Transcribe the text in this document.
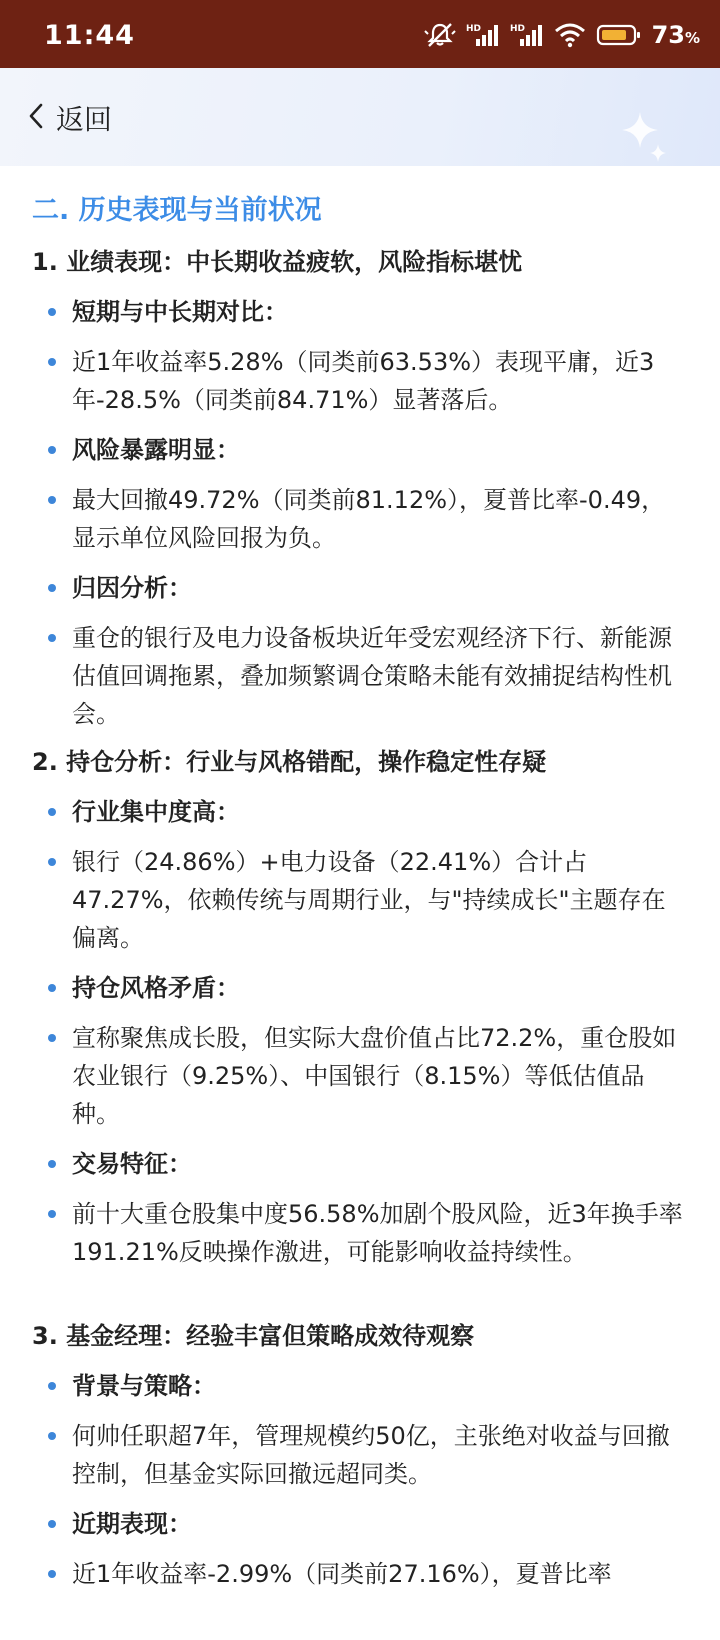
11:44	HD	HD	73%
返回
二. 历史表现与当前状况
1. 业绩表现：中长期收益疲软，风险指标堪忧
短期与中长期对比：
近1年收益率5.28%（同类前63.53%）表现平庸，近3年-28.5%（同类前84.71%）显著落后。
风险暴露明显：
最大回撤49.72%（同类前81.12%），夏普比率-0.49，显示单位风险回报为负。
归因分析：
重仓的银行及电力设备板块近年受宏观经济下行、新能源估值回调拖累，叠加频繁调仓策略未能有效捕捉结构性机会。
2. 持仓分析：行业与风格错配，操作稳定性存疑
行业集中度高：
银行（24.86%）+电力设备（22.41%）合计占47.27%，依赖传统与周期行业，与"持续成长"主题存在偏离。
持仓风格矛盾：
宣称聚焦成长股，但实际大盘价值占比72.2%，重仓股如农业银行（9.25%）、中国银行（8.15%）等低估值品种。
交易特征：
前十大重仓股集中度56.58%加剧个股风险，近3年换手率191.21%反映操作激进，可能影响收益持续性。
3. 基金经理：经验丰富但策略成效待观察
背景与策略：
何帅任职超7年，管理规模约50亿，主张绝对收益与回撤控制，但基金实际回撤远超同类。
近期表现：
近1年收益率-2.99%（同类前27.16%），夏普比率
